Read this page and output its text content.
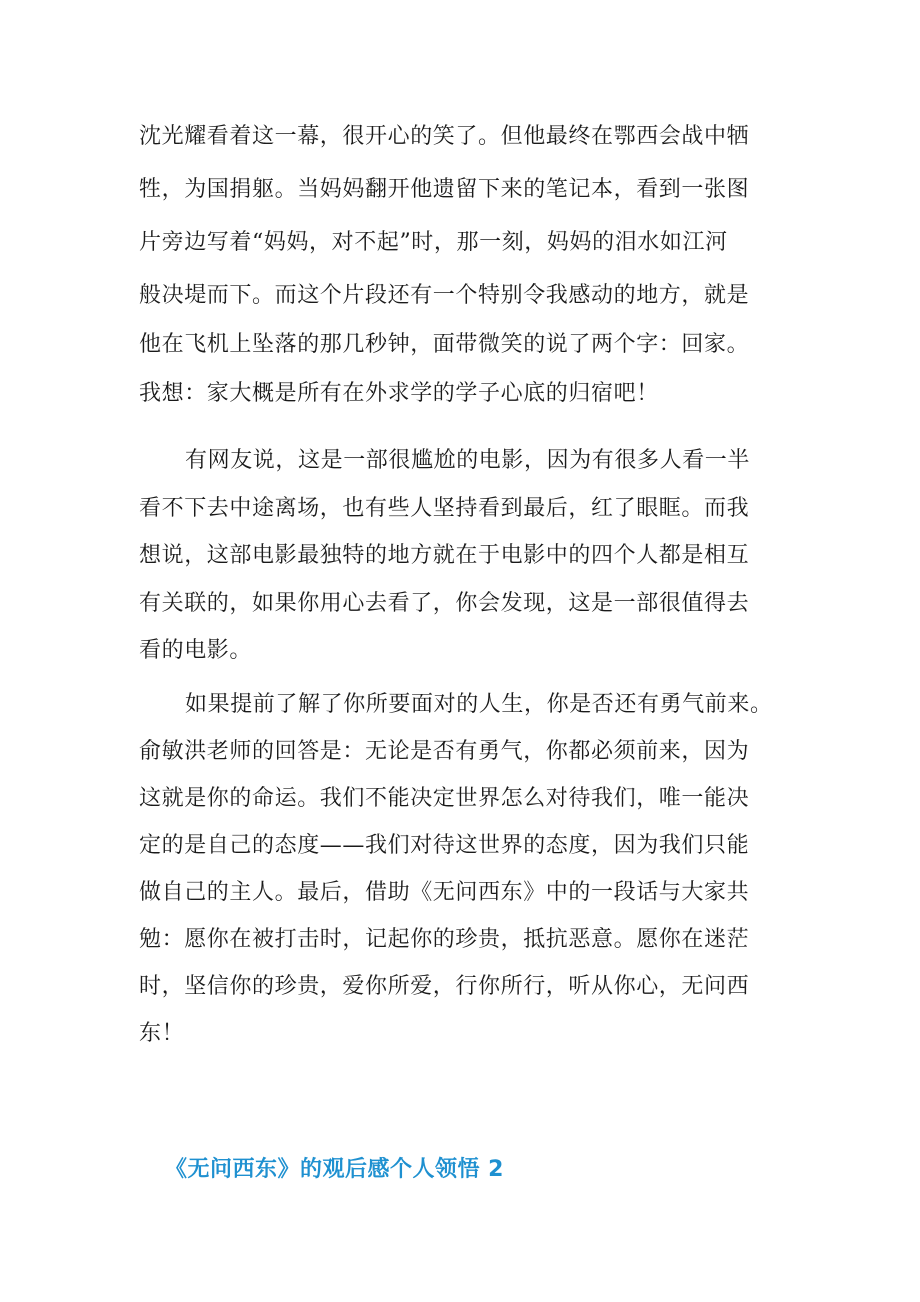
沈光耀看着这一幕，很开心的笑了。但他最终在鄂西会战中牺
牲，为国捐躯。当妈妈翻开他遗留下来的笔记本，看到一张图
片旁边写着“妈妈，对不起”时，那一刻，妈妈的泪水如江河
般决堤而下。而这个片段还有一个特别令我感动的地方，就是
他在飞机上坠落的那几秒钟，面带微笑的说了两个字：回家。
我想：家大概是所有在外求学的学子心底的归宿吧！
有网友说，这是一部很尴尬的电影，因为有很多人看一半
看不下去中途离场，也有些人坚持看到最后，红了眼眶。而我
想说，这部电影最独特的地方就在于电影中的四个人都是相互
有关联的，如果你用心去看了，你会发现，这是一部很值得去
看的电影。
如果提前了解了你所要面对的人生，你是否还有勇气前来。
俞敏洪老师的回答是：无论是否有勇气，你都必须前来，因为
这就是你的命运。我们不能决定世界怎么对待我们，唯一能决
定的是自己的态度——我们对待这世界的态度，因为我们只能
做自己的主人。最后，借助《无问西东》中的一段话与大家共
勉：愿你在被打击时，记起你的珍贵，抵抗恶意。愿你在迷茫
时，坚信你的珍贵，爱你所爱，行你所行，听从你心，无问西
东！
《无问西东》的观后感个人领悟 2
